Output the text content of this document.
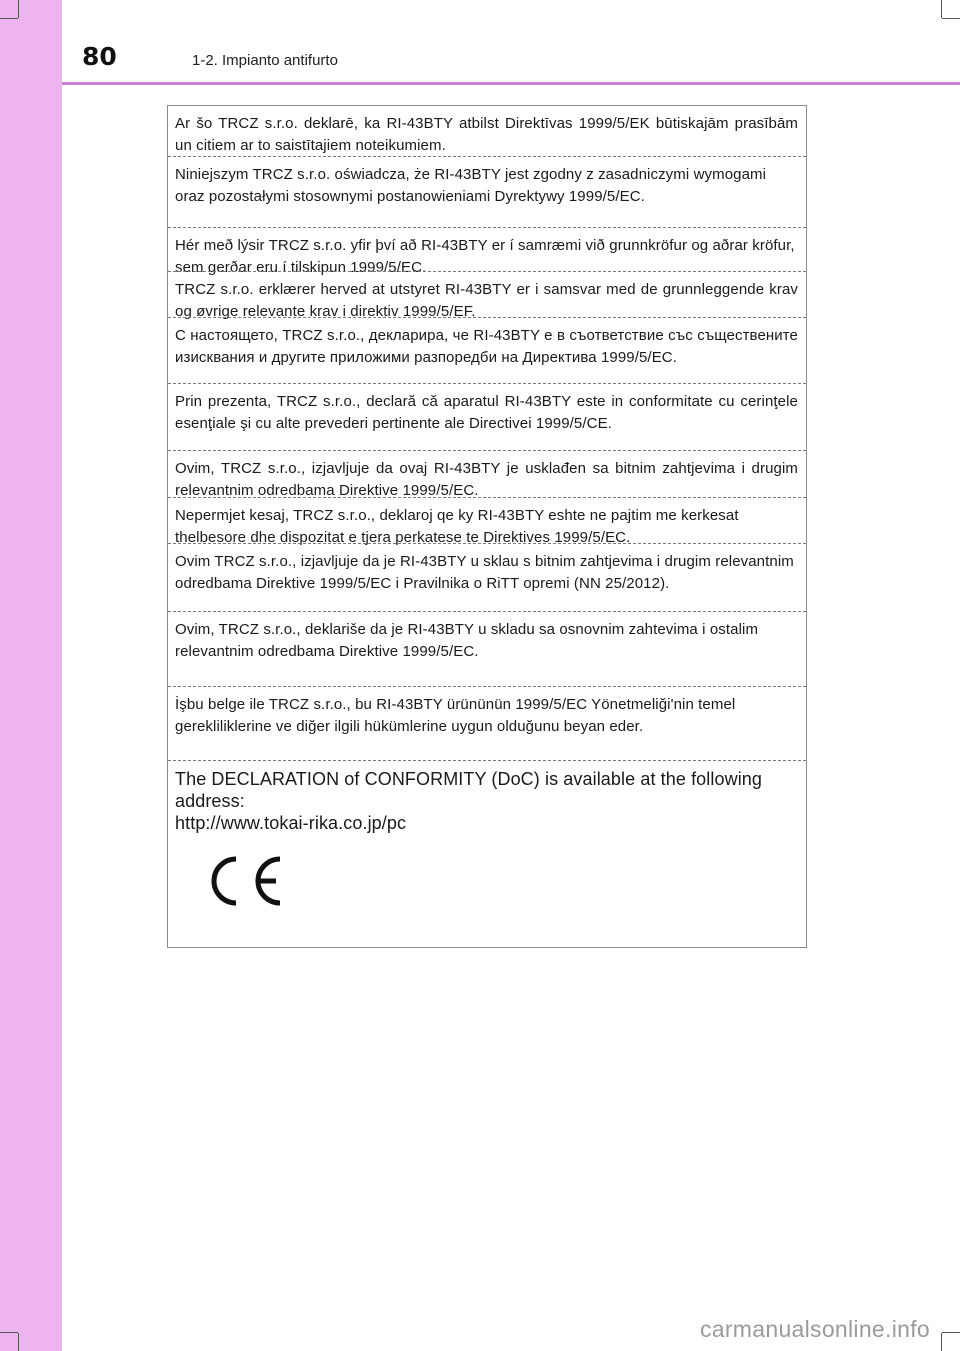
80	1-2. Impianto antifurto

Ar šo TRCZ s.r.o. deklarē, ka RI-43BTY atbilst Direktīvas 1999/5/EK būtiskajām prasībām un citiem ar to saistītajiem noteikumiem.

Niniejszym TRCZ s.r.o. oświadcza, że RI-43BTY jest zgodny z zasadniczymi wymogami oraz pozostałymi stosownymi postanowieniami Dyrektywy 1999/5/EC.

Hér með lýsir TRCZ s.r.o. yfir því að RI-43BTY er í samræmi við grunnkröfur og aðrar kröfur, sem gerðar eru í tilskipun 1999/5/EC.

TRCZ s.r.o. erklærer herved at utstyret RI-43BTY er i samsvar med de grunnleggende krav og øvrige relevante krav i direktiv 1999/5/EF.

С настоящето, TRCZ s.r.o., декларира, че RI-43BTY е в съответствие със съществените изисквания и другите приложими разпоредби на Директива 1999/5/ЕС.

Prin prezenta, TRCZ s.r.o., declară că aparatul RI-43BTY este in conformitate cu cerinţele esenţiale şi cu alte prevederi pertinente ale Directivei 1999/5/CE.

Ovim, TRCZ s.r.o., izjavljuje da ovaj RI-43BTY je usklađen sa bitnim zahtjevima i drugim relevantnim odredbama Direktive 1999/5/EC.

Nepermjet kesaj, TRCZ s.r.o., deklaroj qe ky RI-43BTY eshte ne pajtim me kerkesat thelbesore dhe dispozitat e tjera perkatese te Direktives 1999/5/EC.

Ovim TRCZ s.r.o., izjavljuje da je RI-43BTY u sklau s bitnim zahtjevima i drugim relevantnim odredbama Direktive 1999/5/EC i Pravilnika o RiTT opremi (NN 25/2012).

Ovim, TRCZ s.r.o., deklariše da je RI-43BTY u skladu sa osnovnim zahtevima i ostalim relevantnim odredbama Direktive 1999/5/EC.

İşbu belge ile TRCZ s.r.o., bu RI-43BTY ürününün 1999/5/EC Yönetmeliği'nin temel gerekliliklerine ve diğer ilgili hükümlerine uygun olduğunu beyan eder.

The DECLARATION of CONFORMITY (DoC) is available at the following address:

http://www.tokai-rika.co.jp/pc

carmanualsonline.info
